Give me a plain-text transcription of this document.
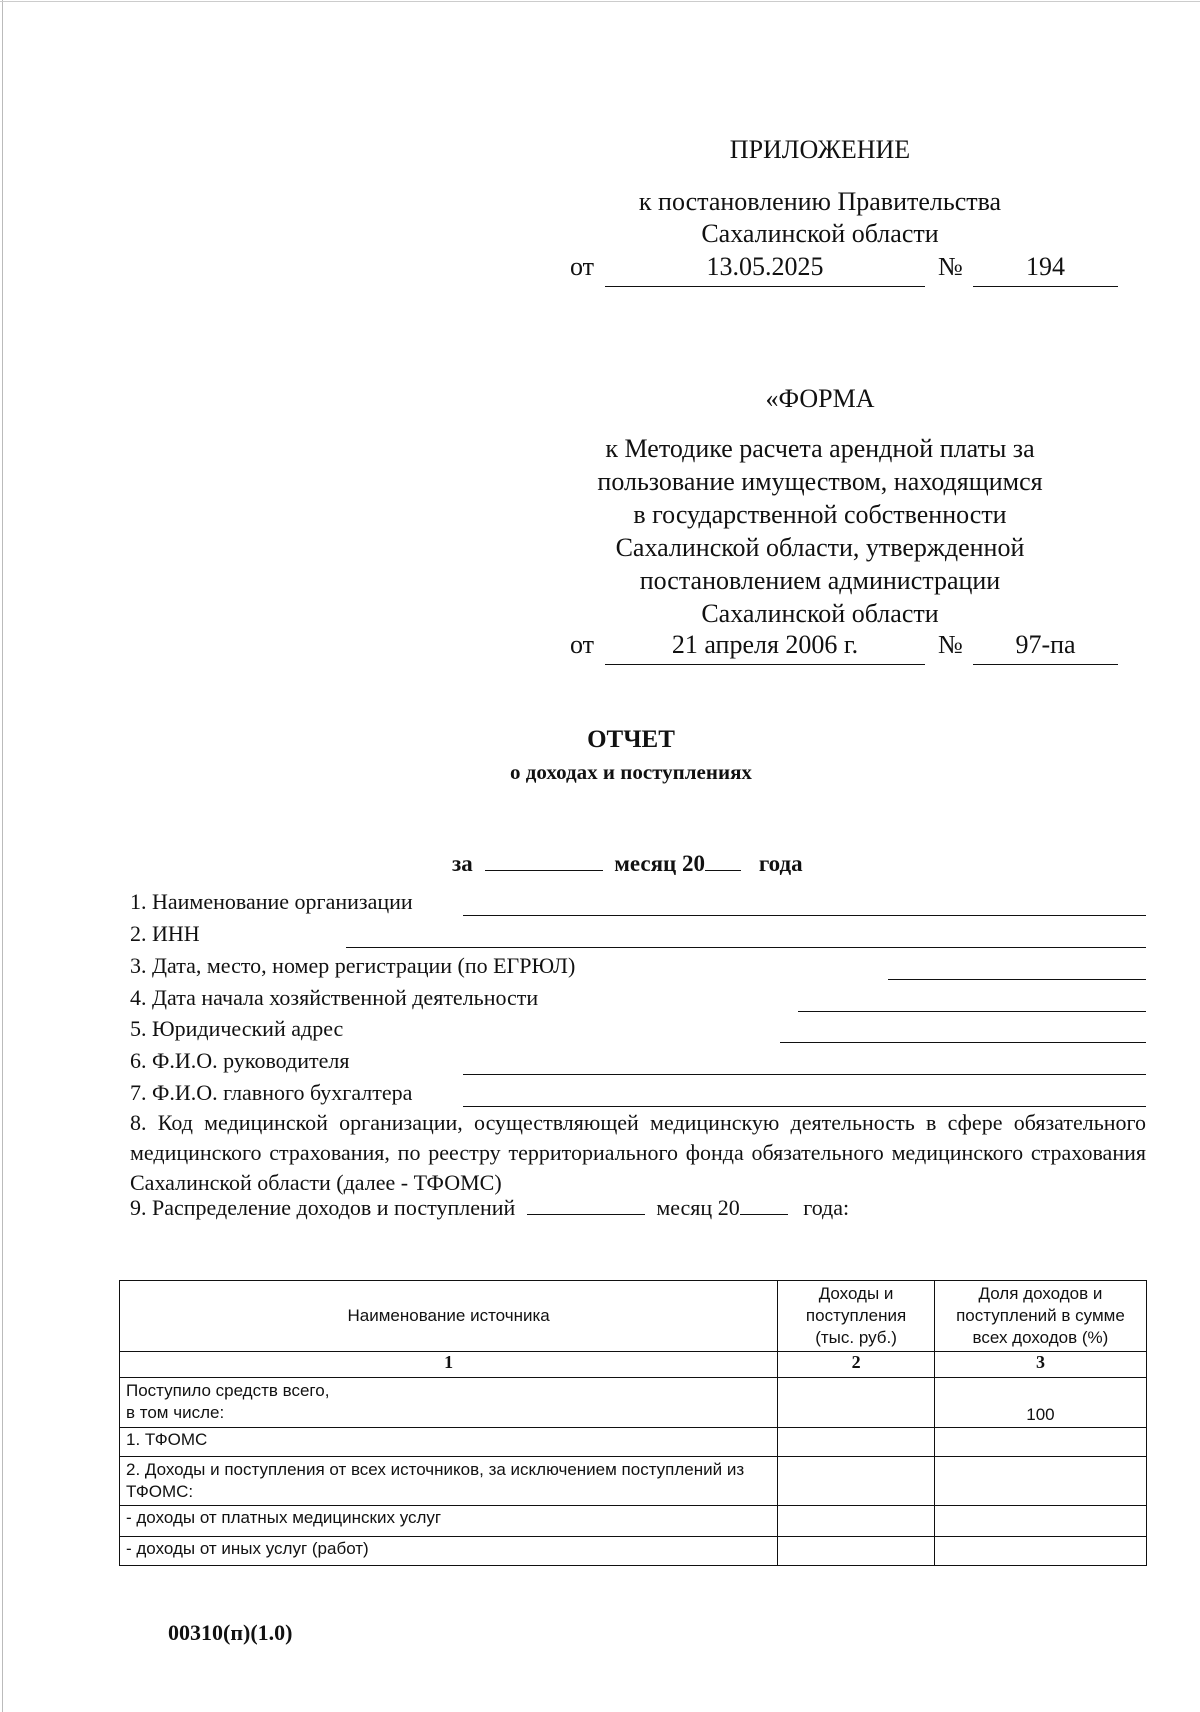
ПРИЛОЖЕНИЕ
к постановлению Правительства
Сахалинской области
от	13.05.2025	№	194
«ФОРМА
к Методике расчета арендной платы за
пользование имуществом, находящимся
в государственной собственности
Сахалинской области, утвержденной
постановлением администрации
Сахалинской области
от	21 апреля 2006 г.	№	97-па
ОТЧЕТ
о доходах и поступлениях
за	месяц 20 года
1. Наименование организации
2. ИНН
3. Дата, место, номер регистрации (по ЕГРЮЛ)
4. Дата начала хозяйственной деятельности
5. Юридический адрес
6. Ф.И.О. руководителя
7. Ф.И.О. главного бухгалтера
8. Код медицинской организации, осуществляющей медицинскую деятельность в сфере обязательного медицинского страхования, по реестру территориального фонда обязательного медицинского страхования Сахалинской области (далее - ТФОМС)
9. Распределение доходов и поступлений	месяц 20	года:
Наименование источника	Доходы и поступления (тыс. руб.)	Доля доходов и поступлений в сумме всех доходов (%)
1	2	3
Поступило средств всего,
в том числе:		100
1. ТФОМС		
2. Доходы и поступления от всех источников, за исключением поступлений из ТФОМС:		
- доходы от платных медицинских услуг		
- доходы от иных услуг (работ)		
00310(п)(1.0)
